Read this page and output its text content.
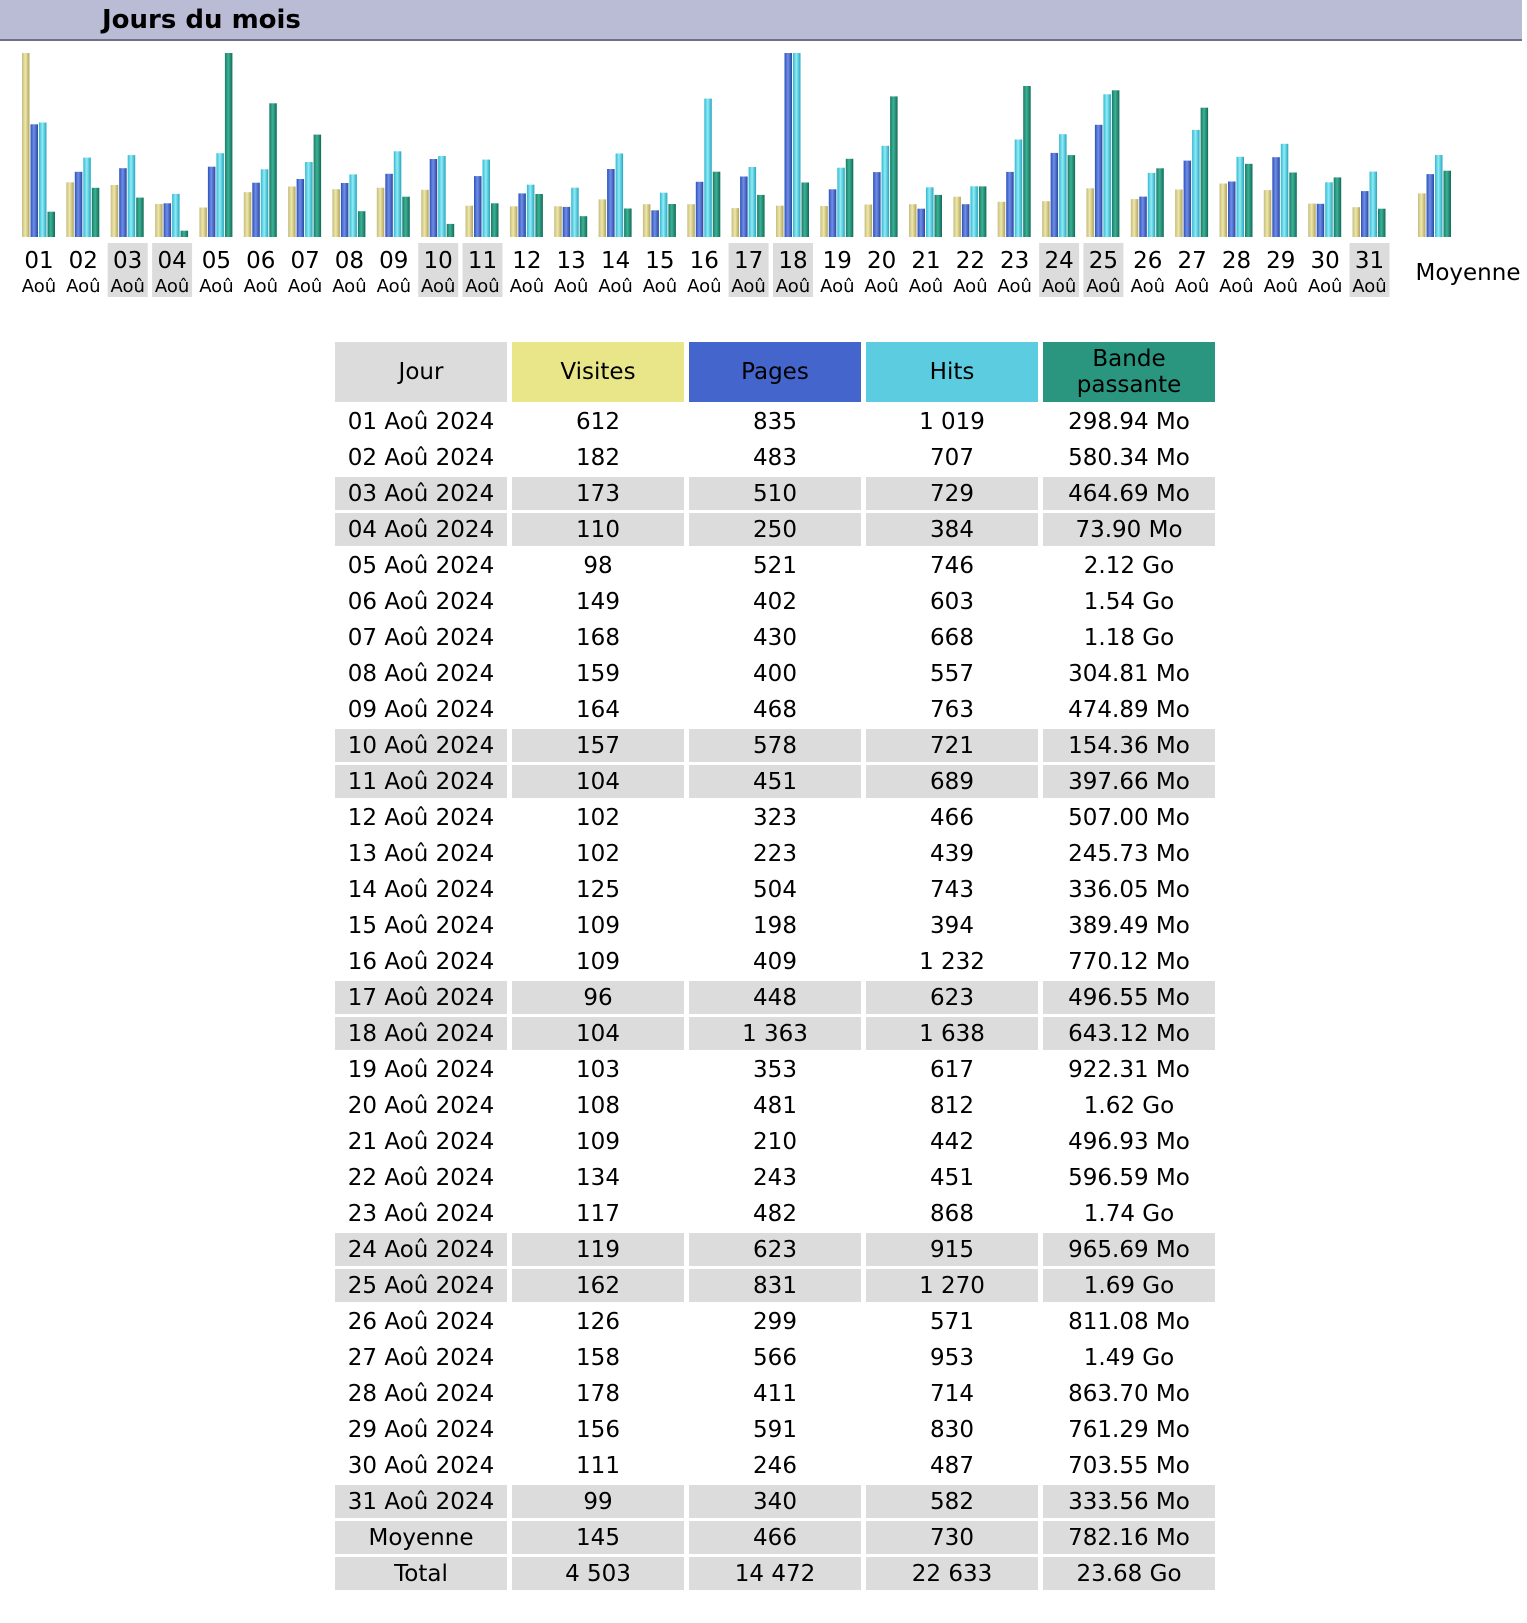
Jours du mois
01
Aoû
02
Aoû
03
Aoû
04
Aoû
05
Aoû
06
Aoû
07
Aoû
08
Aoû
09
Aoû
10
Aoû
11
Aoû
12
Aoû
13
Aoû
14
Aoû
15
Aoû
16
Aoû
17
Aoû
18
Aoû
19
Aoû
20
Aoû
21
Aoû
22
Aoû
23
Aoû
24
Aoû
25
Aoû
26
Aoû
27
Aoû
28
Aoû
29
Aoû
30
Aoû
31
Aoû
Moyenne
Jour	Visites	Pages	Hits	Bande passante
01 Aoû 2024	612	835	1 019	298.94 Mo
02 Aoû 2024	182	483	707	580.34 Mo
03 Aoû 2024	173	510	729	464.69 Mo
04 Aoû 2024	110	250	384	73.90 Mo
05 Aoû 2024	98	521	746	2.12 Go
06 Aoû 2024	149	402	603	1.54 Go
07 Aoû 2024	168	430	668	1.18 Go
08 Aoû 2024	159	400	557	304.81 Mo
09 Aoû 2024	164	468	763	474.89 Mo
10 Aoû 2024	157	578	721	154.36 Mo
11 Aoû 2024	104	451	689	397.66 Mo
12 Aoû 2024	102	323	466	507.00 Mo
13 Aoû 2024	102	223	439	245.73 Mo
14 Aoû 2024	125	504	743	336.05 Mo
15 Aoû 2024	109	198	394	389.49 Mo
16 Aoû 2024	109	409	1 232	770.12 Mo
17 Aoû 2024	96	448	623	496.55 Mo
18 Aoû 2024	104	1 363	1 638	643.12 Mo
19 Aoû 2024	103	353	617	922.31 Mo
20 Aoû 2024	108	481	812	1.62 Go
21 Aoû 2024	109	210	442	496.93 Mo
22 Aoû 2024	134	243	451	596.59 Mo
23 Aoû 2024	117	482	868	1.74 Go
24 Aoû 2024	119	623	915	965.69 Mo
25 Aoû 2024	162	831	1 270	1.69 Go
26 Aoû 2024	126	299	571	811.08 Mo
27 Aoû 2024	158	566	953	1.49 Go
28 Aoû 2024	178	411	714	863.70 Mo
29 Aoû 2024	156	591	830	761.29 Mo
30 Aoû 2024	111	246	487	703.55 Mo
31 Aoû 2024	99	340	582	333.56 Mo
Moyenne	145	466	730	782.16 Mo
Total	4 503	14 472	22 633	23.68 Go
